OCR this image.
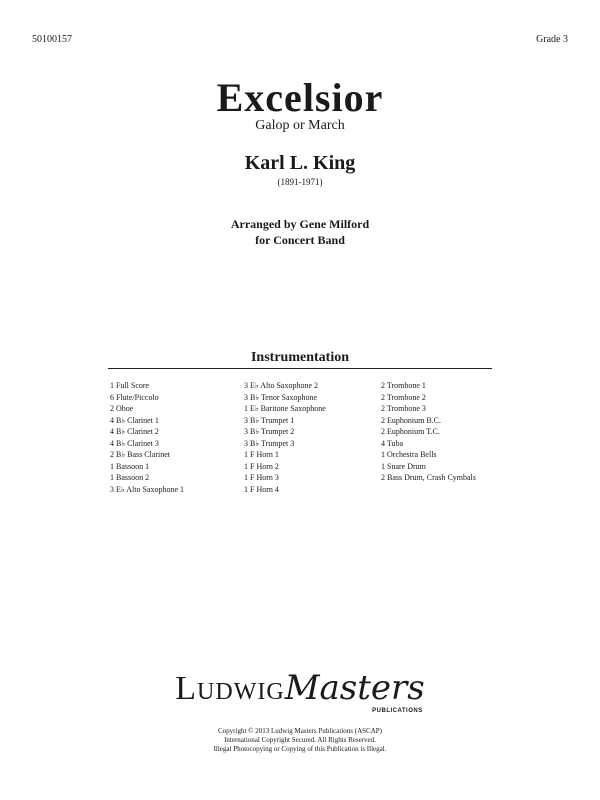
50100157	Grade 3
Excelsior
Galop or March
Karl L. King
(1891-1971)
Arranged by Gene Milford
for Concert Band
Instrumentation
1 Full Score
6 Flute/Piccolo
2 Oboe
4 B♭ Clarinet 1
4 B♭ Clarinet 2
4 B♭ Clarinet 3
2 B♭ Bass Clarinet
1 Bassoon 1
1 Bassoon 2
3 E♭ Alto Saxophone 1
3 E♭ Alto Saxophone 2
3 B♭ Tenor Saxophone
1 E♭ Baritone Saxophone
3 B♭ Trumpet 1
3 B♭ Trumpet 2
3 B♭ Trumpet 3
1 F Horn 1
1 F Horn 2
1 F Horn 3
1 F Horn 4
2 Trombone 1
2 Trombone 2
2 Trombone 3
2 Euphonium B.C.
2 Euphonium T.C.
4 Tuba
1 Orchestra Bells
1 Snare Drum
2 Bass Drum, Crash Cymbals
LudwigMasters
PUBLICATIONS
Copyright © 2013 Ludwig Masters Publications (ASCAP)
International Copyright Secured. All Rights Reserved.
Illegal Photocopying or Copying of this Publication is Illegal.
